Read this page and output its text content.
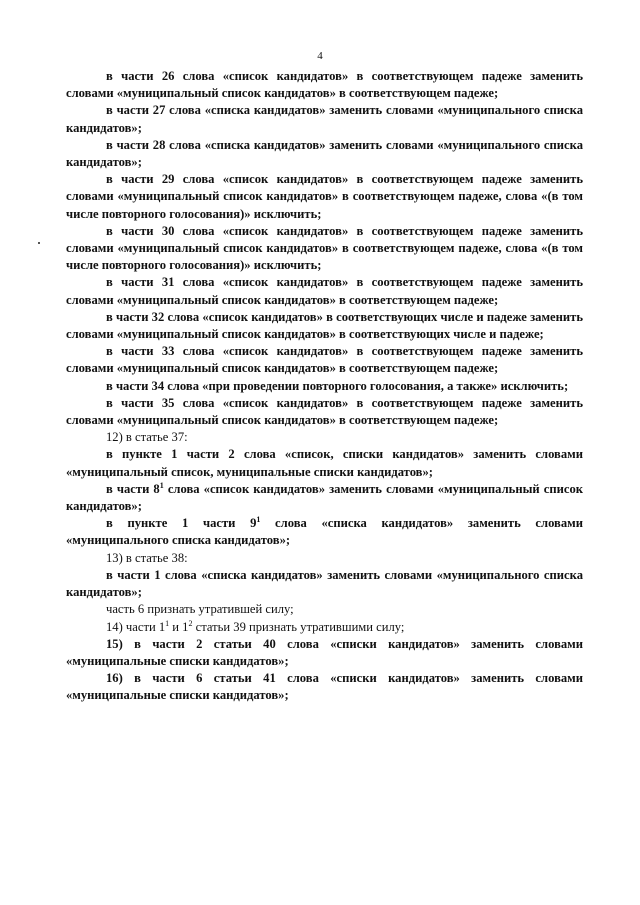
4

в части 26 слова «список кандидатов» в соответствующем падеже заменить словами «муниципальный список кандидатов» в соответствующем падеже;

в части 27 слова «списка кандидатов» заменить словами «муниципального списка кандидатов»;

в части 28 слова «списка кандидатов» заменить словами «муниципального списка кандидатов»;

в части 29 слова «список кандидатов» в соответствующем падеже заменить словами «муниципальный список кандидатов» в соответствующем падеже, слова «(в том числе повторного голосования)» исключить;

в части 30 слова «список кандидатов» в соответствующем падеже заменить словами «муниципальный список кандидатов» в соответствующем падеже, слова «(в том числе повторного голосования)» исключить;

в части 31 слова «список кандидатов» в соответствующем падеже заменить словами «муниципальный список кандидатов» в соответствующем падеже;

в части 32 слова «список кандидатов» в соответствующих числе и падеже заменить словами «муниципальный список кандидатов» в соответствующих числе и падеже;

в части 33 слова «список кандидатов» в соответствующем падеже заменить словами «муниципальный список кандидатов» в соответствующем падеже;

в части 34 слова «при проведении повторного голосования, а также» исключить;

в части 35 слова «список кандидатов» в соответствующем падеже заменить словами «муниципальный список кандидатов» в соответствующем падеже;

12) в статье 37:

в пункте 1 части 2 слова «список, списки кандидатов» заменить словами «муниципальный список, муниципальные списки кандидатов»;

в части $8^1$ слова «список кандидатов» заменить словами «муниципальный список кандидатов»;

в пункте 1 части $9^1$ слова «списка кандидатов» заменить словами «муниципального списка кандидатов»;

13) в статье 38:

в части 1 слова «списка кандидатов» заменить словами «муниципального списка кандидатов»;

часть 6 признать утратившей силу;

14) части $1^1$ и $1^2$ статьи 39 признать утратившими силу;

15) в части 2 статьи 40 слова «списки кандидатов» заменить словами «муниципальные списки кандидатов»;

16) в части 6 статьи 41 слова «списки кандидатов» заменить словами «муниципальные списки кандидатов»;
